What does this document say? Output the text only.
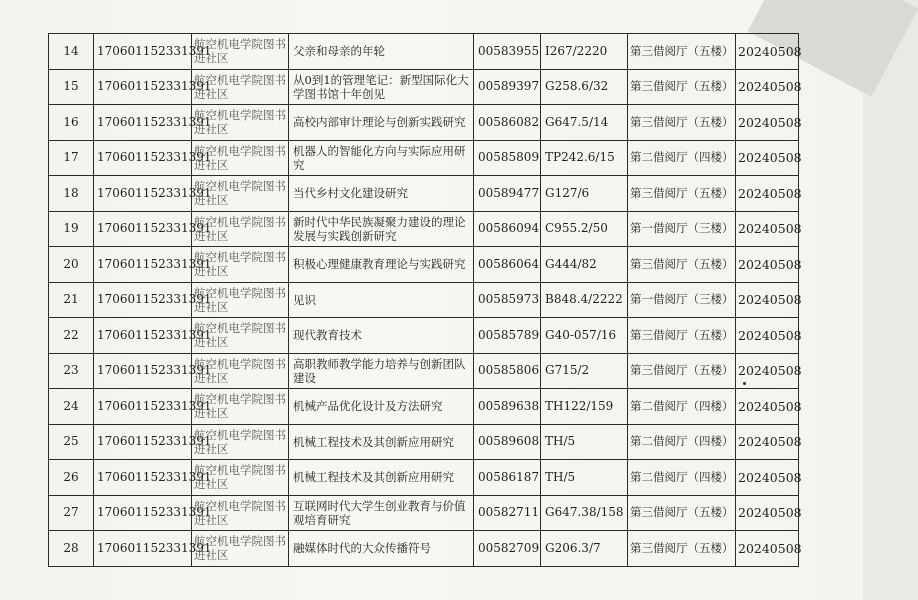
14	170601152331391	航空机电学院图书进社区	父亲和母亲的年轮	00583955	I267/2220	第三借阅厅（五楼）	20240508
15	170601152331391	航空机电学院图书进社区	从0到1的管理笔记：新型国际化大学图书馆十年创见	00589397	G258.6/32	第三借阅厅（五楼）	20240508
16	170601152331391	航空机电学院图书进社区	高校内部审计理论与创新实践研究	00586082	G647.5/14	第三借阅厅（五楼）	20240508
17	170601152331391	航空机电学院图书进社区	机器人的智能化方向与实际应用研究	00585809	TP242.6/15	第二借阅厅（四楼）	20240508
18	170601152331391	航空机电学院图书进社区	当代乡村文化建设研究	00589477	G127/6	第三借阅厅（五楼）	20240508
19	170601152331391	航空机电学院图书进社区	新时代中华民族凝聚力建设的理论发展与实践创新研究	00586094	C955.2/50	第一借阅厅（三楼）	20240508
20	170601152331391	航空机电学院图书进社区	积极心理健康教育理论与实践研究	00586064	G444/82	第三借阅厅（五楼）	20240508
21	170601152331391	航空机电学院图书进社区	见识	00585973	B848.4/2222	第一借阅厅（三楼）	20240508
22	170601152331391	航空机电学院图书进社区	现代教育技术	00585789	G40-057/16	第三借阅厅（五楼）	20240508
23	170601152331391	航空机电学院图书进社区	高职教师教学能力培养与创新团队建设	00585806	G715/2	第三借阅厅（五楼）	20240508
24	170601152331391	航空机电学院图书进社区	机械产品优化设计及方法研究	00589638	TH122/159	第二借阅厅（四楼）	20240508
25	170601152331391	航空机电学院图书进社区	机械工程技术及其创新应用研究	00589608	TH/5	第二借阅厅（四楼）	20240508
26	170601152331391	航空机电学院图书进社区	机械工程技术及其创新应用研究	00586187	TH/5	第二借阅厅（四楼）	20240508
27	170601152331391	航空机电学院图书进社区	互联网时代大学生创业教育与价值观培育研究	00582711	G647.38/158	第三借阅厅（五楼）	20240508
28	170601152331391	航空机电学院图书进社区	融媒体时代的大众传播符号	00582709	G206.3/7	第三借阅厅（五楼）	20240508
